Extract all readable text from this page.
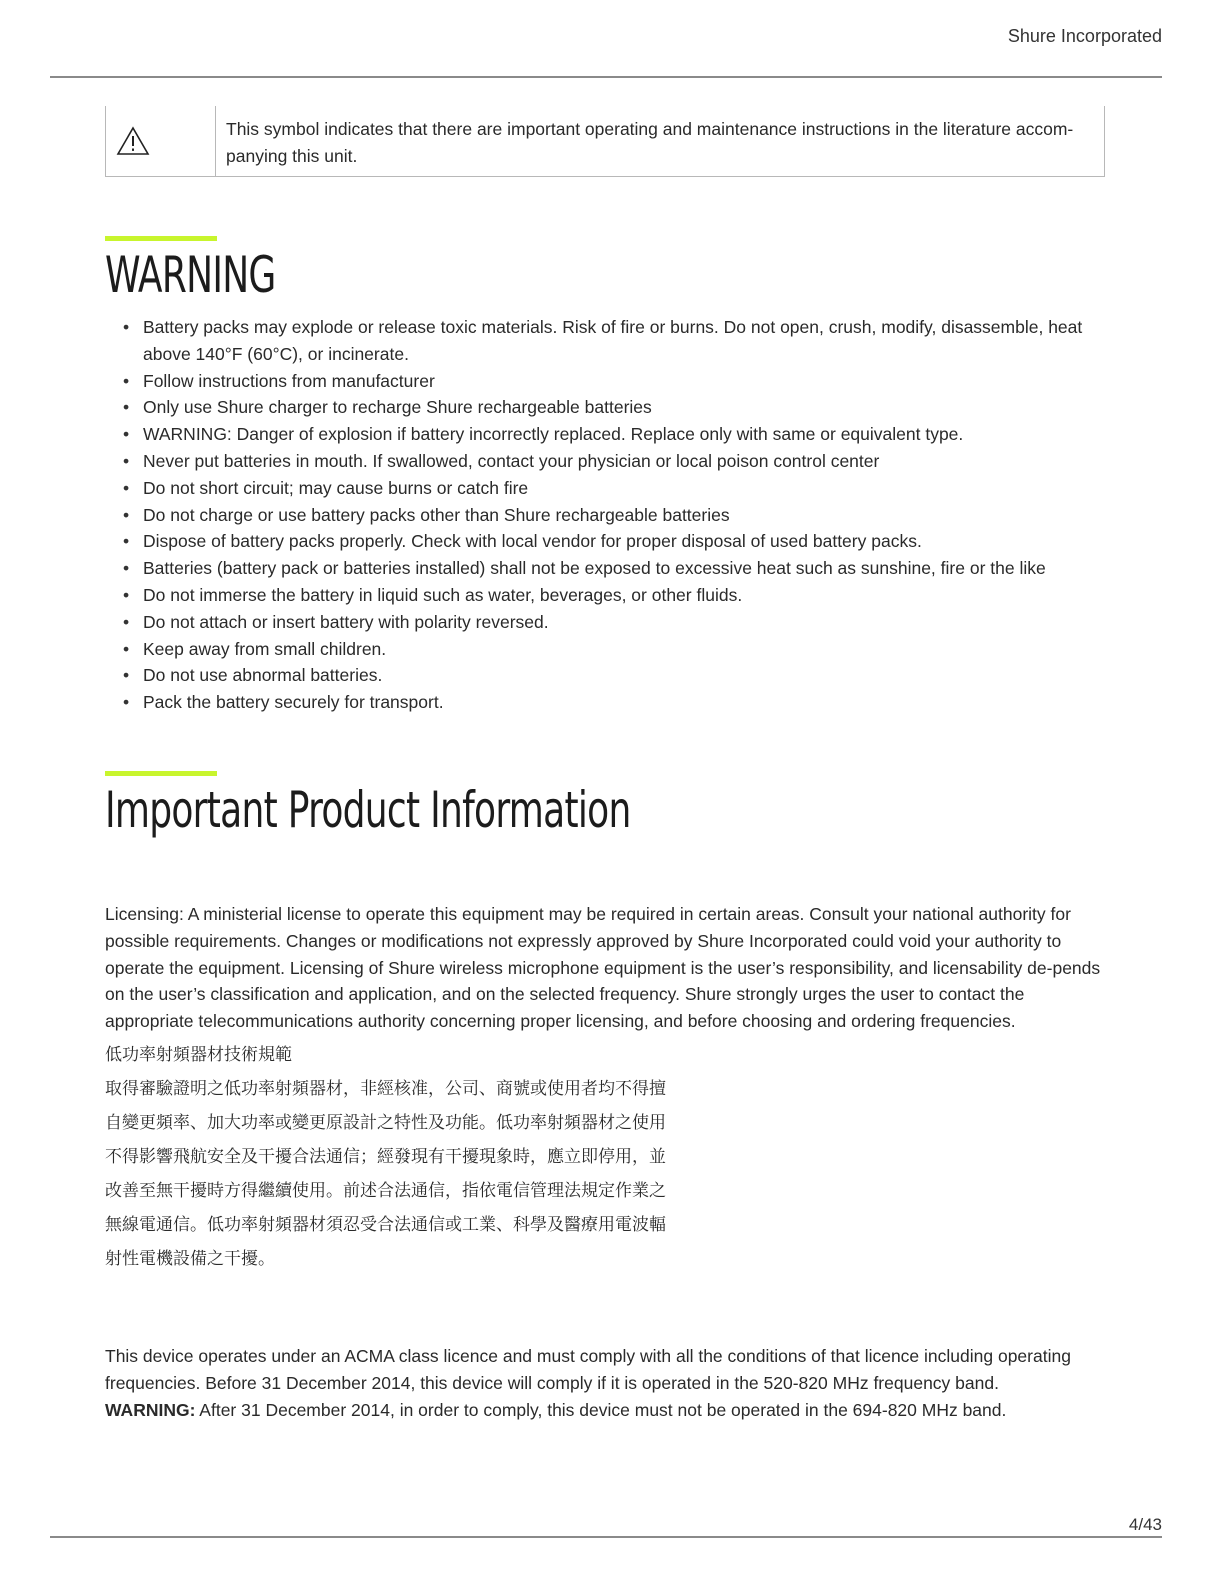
Shure Incorporated
This symbol indicates that there are important operating and maintenance instructions in the literature accom-panying this unit.
WARNING
• Battery packs may explode or release toxic materials. Risk of fire or burns. Do not open, crush, modify, disassemble, heat above 140°F (60°C), or incinerate.
• Follow instructions from manufacturer
• Only use Shure charger to recharge Shure rechargeable batteries
• WARNING: Danger of explosion if battery incorrectly replaced. Replace only with same or equivalent type.
• Never put batteries in mouth. If swallowed, contact your physician or local poison control center
• Do not short circuit; may cause burns or catch fire
• Do not charge or use battery packs other than Shure rechargeable batteries
• Dispose of battery packs properly. Check with local vendor for proper disposal of used battery packs.
• Batteries (battery pack or batteries installed) shall not be exposed to excessive heat such as sunshine, fire or the like
• Do not immerse the battery in liquid such as water, beverages, or other fluids.
• Do not attach or insert battery with polarity reversed.
• Keep away from small children.
• Do not use abnormal batteries.
• Pack the battery securely for transport.
Important Product Information
Licensing: A ministerial license to operate this equipment may be required in certain areas. Consult your national authority for possible requirements. Changes or modifications not expressly approved by Shure Incorporated could void your authority to operate the equipment. Licensing of Shure wireless microphone equipment is the user’s responsibility, and licensability de-pends on the user’s classification and application, and on the selected frequency. Shure strongly urges the user to contact the appropriate telecommunications authority concerning proper licensing, and before choosing and ordering frequencies.
低功率射頻器材技術規範
取得審驗證明之低功率射頻器材，非經核准，公司、商號或使用者均不得擅
自變更頻率、加大功率或變更原設計之特性及功能。低功率射頻器材之使用
不得影響飛航安全及干擾合法通信；經發現有干擾現象時，應立即停用，並
改善至無干擾時方得繼續使用。前述合法通信，指依電信管理法規定作業之
無線電通信。低功率射頻器材須忍受合法通信或工業、科學及醫療用電波輻
射性電機設備之干擾。
This device operates under an ACMA class licence and must comply with all the conditions of that licence including operating frequencies. Before 31 December 2014, this device will comply if it is operated in the 520-820 MHz frequency band.
WARNING: After 31 December 2014, in order to comply, this device must not be operated in the 694-820 MHz band.
4/43
